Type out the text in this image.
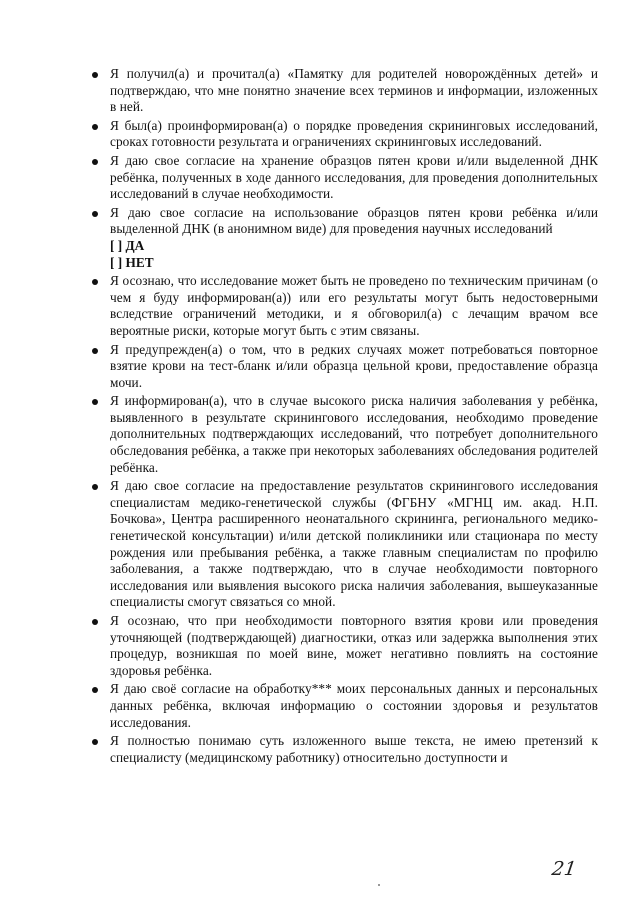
Я получил(а) и прочитал(а) «Памятку для родителей новорождённых детей» и подтверждаю, что мне понятно значение всех терминов и информации, изложенных в ней.
Я был(а) проинформирован(а) о порядке проведения скрининговых исследований, сроках готовности результата и ограничениях скрининговых исследований.
Я даю свое согласие на хранение образцов пятен крови и/или выделенной ДНК ребёнка, полученных в ходе данного исследования, для проведения дополнительных исследований в случае необходимости.
Я даю свое согласие на использование образцов пятен крови ребёнка и/или выделенной ДНК (в анонимном виде) для проведения научных исследований
[ ] ДА
[ ] НЕТ
Я осознаю, что исследование может быть не проведено по техническим причинам (о чем я буду информирован(а)) или его результаты могут быть недостоверными вследствие ограничений методики, и я обговорил(а) с лечащим врачом все вероятные риски, которые могут быть с этим связаны.
Я предупрежден(а) о том, что в редких случаях может потребоваться повторное взятие крови на тест-бланк и/или образца цельной крови, предоставление образца мочи.
Я информирован(а), что в случае высокого риска наличия заболевания у ребёнка, выявленного в результате скринингового исследования, необходимо проведение дополнительных подтверждающих исследований, что потребует дополнительного обследования ребёнка, а также при некоторых заболеваниях обследования родителей ребёнка.
Я даю свое согласие на предоставление результатов скринингового исследования специалистам медико-генетической службы (ФГБНУ «МГНЦ им. акад. Н.П. Бочкова», Центра расширенного неонатального скрининга, регионального медико-генетической консультации) и/или детской поликлиники или стационара по месту рождения или пребывания ребёнка, а также главным специалистам по профилю заболевания, а также подтверждаю, что в случае необходимости повторного исследования или выявления высокого риска наличия заболевания, вышеуказанные специалисты смогут связаться со мной.
Я осознаю, что при необходимости повторного взятия крови или проведения уточняющей (подтверждающей) диагностики, отказ или задержка выполнения этих процедур, возникшая по моей вине, может негативно повлиять на состояние здоровья ребёнка.
Я даю своё согласие на обработку*** моих персональных данных и персональных данных ребёнка, включая информацию о состоянии здоровья и результатов исследования.
Я полностью понимаю суть изложенного выше текста, не имею претензий к специалисту (медицинскому работнику) относительно доступности и
21
